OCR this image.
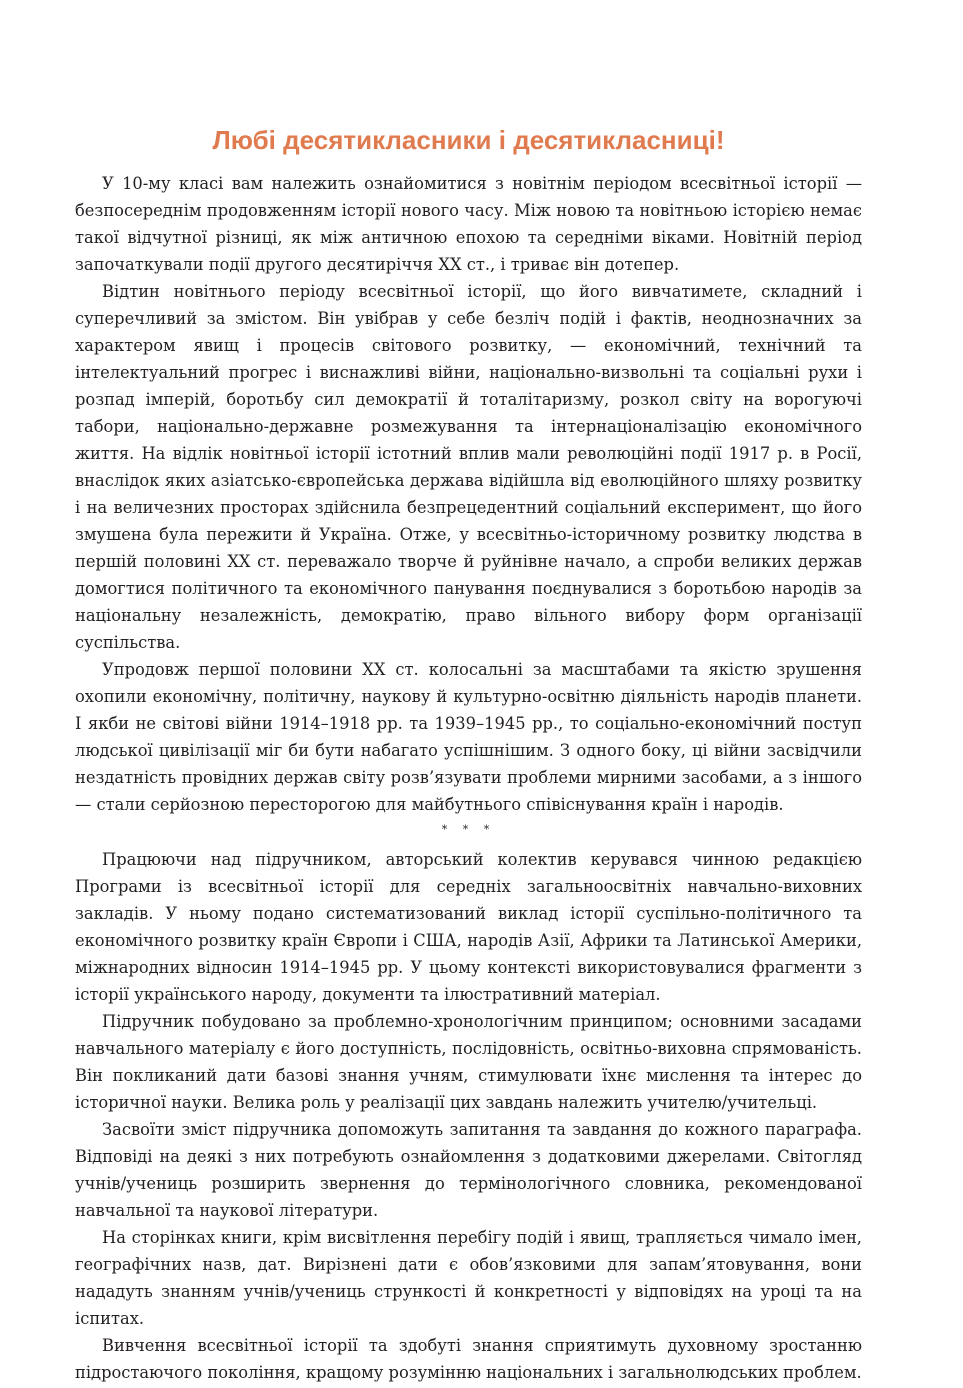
Любі десятикласники і десятикласниці!

У 10-му класі вам належить ознайомитися з новітнім періодом всесвітньої історії — безпосереднім продовженням історії нового часу. Між новою та новітньою історією немає такої відчутної різниці, як між античною епохою та середніми віками. Новітній період започаткували події другого десятиріччя XX ст., і триває він дотепер.

Відтин новітнього періоду всесвітньої історії, що його вивчатимете, складний і суперечливий за змістом. Він увібрав у себе безліч подій і фактів, неоднозначних за характером явищ і процесів світового розвитку, — економічний, технічний та інтелектуальний прогрес і виснажливі війни, національно-визвольні та соціальні рухи і розпад імперій, боротьбу сил демократії й тоталітаризму, розкол світу на ворогуючі табори, національно-державне розмежування та інтернаціоналізацію економічного життя. На відлік новітньої історії істотний вплив мали революційні події 1917 р. в Росії, внаслідок яких азіатсько-європейська держава відійшла від еволюційного шляху розвитку і на величезних просторах здійснила безпрецедентний соціальний експеримент, що його змушена була пережити й Україна. Отже, у всесвітньо-історичному розвитку людства в першій половині XX ст. переважало творче й руйнівне начало, а спроби великих держав домогтися політичного та економічного панування поєднувалися з боротьбою народів за національну незалежність, демократію, право вільного вибору форм організації суспільства.

Упродовж першої половини XX ст. колосальні за масштабами та якістю зрушення охопили економічну, політичну, наукову й культурно-освітню діяльність народів планети. І якби не світові війни 1914–1918 рр. та 1939–1945 рр., то соціально-економічний поступ людської цивілізації міг би бути набагато успішнішим. З одного боку, ці війни засвідчили нездатність провідних держав світу розв’язувати проблеми мирними засобами, а з іншого — стали серйозною пересторогою для майбутнього співіснування країн і народів.

* * *

Працюючи над підручником, авторський колектив керувався чинною редакцією Програми із всесвітньої історії для середніх загальноосвітніх навчально-виховних закладів. У ньому подано систематизований виклад історії суспільно-політичного та економічного розвитку країн Європи і США, народів Азії, Африки та Латинської Америки, міжнародних відносин 1914–1945 рр. У цьому контексті використовувалися фрагменти з історії українського народу, документи та ілюстративний матеріал.

Підручник побудовано за проблемно-хронологічним принципом; основними засадами навчального матеріалу є його доступність, послідовність, освітньо-виховна спрямованість. Він покликаний дати базові знання учням, стимулювати їхнє мислення та інтерес до історичної науки. Велика роль у реалізації цих завдань належить учителю/учительці.

Засвоїти зміст підручника допоможуть запитання та завдання до кожного параграфа. Відповіді на деякі з них потребують ознайомлення з додатковими джерелами. Світогляд учнів/учениць розширить звернення до термінологічного словника, рекомендованої навчальної та наукової літератури.

На сторінках книги, крім висвітлення перебігу подій і явищ, трапляється чимало імен, географічних назв, дат. Вирізнені дати є обов’язковими для запам’ятовування, вони нададуть знанням учнів/учениць стрункості й конкретності у відповідях на уроці та на іспитах.

Вивчення всесвітньої історії та здобуті знання сприятимуть духовному зростанню підростаючого покоління, кращому розумінню національних і загальнолюдських проблем.
